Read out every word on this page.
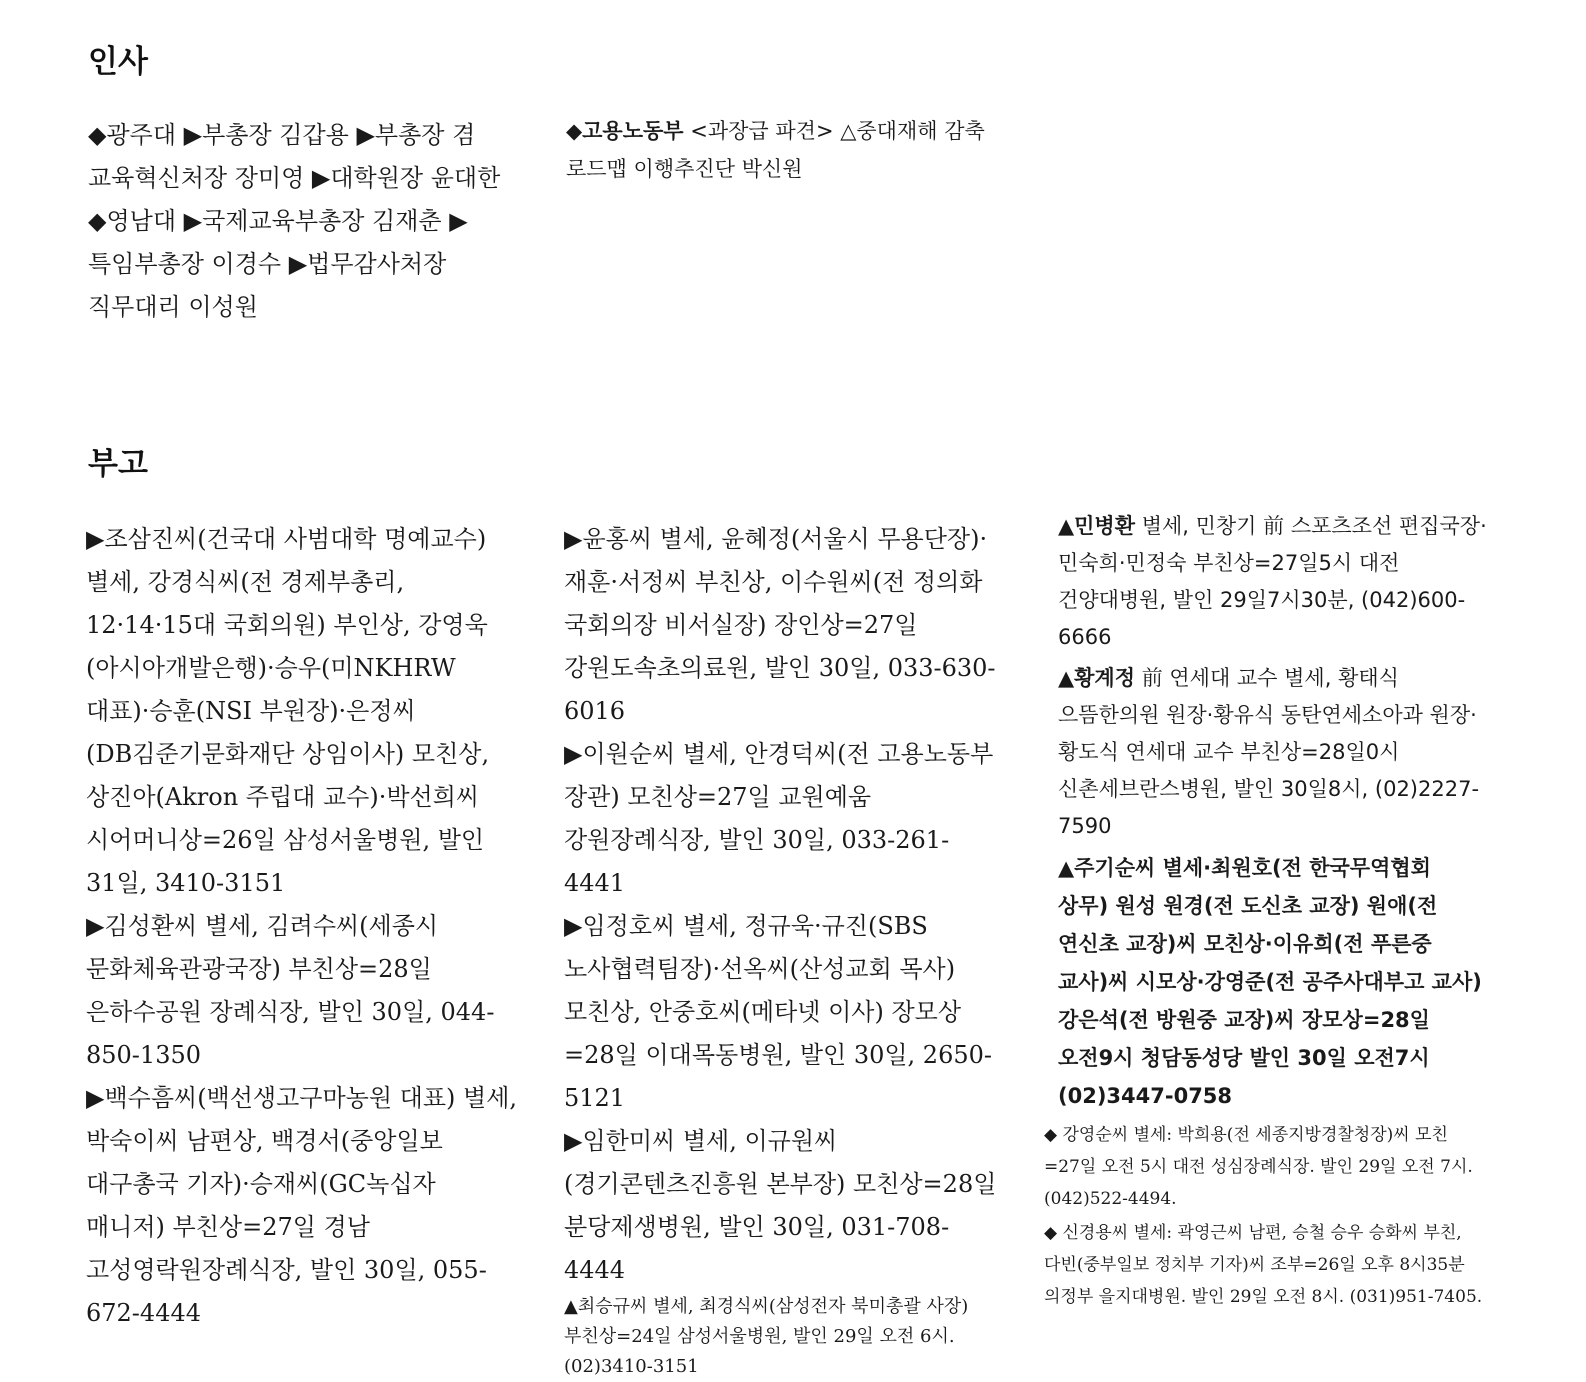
인사

◆광주대 ▶부총장 김갑용 ▶부총장 겸 교육혁신처장 장미영 ▶대학원장 윤대한

◆영남대 ▶국제교육부총장 김재춘 ▶특임부총장 이경수 ▶법무감사처장 직무대리 이성원

◆고용노동부 <과장급 파견> △중대재해 감축 로드맵 이행추진단 박신원

부고

▶조삼진씨(건국대 사범대학 명예교수) 별세, 강경식씨(전 경제부총리, 12·14·15대 국회의원) 부인상, 강영욱(아시아개발은행)·승우(미NKHRW 대표)·승훈(NSI 부원장)·은정씨(DB김준기문화재단 상임이사) 모친상, 상진아(Akron 주립대 교수)·박선희씨 시어머니상=26일 삼성서울병원, 발인 31일, 3410-3151

▶김성환씨 별세, 김려수씨(세종시 문화체육관광국장) 부친상=28일 은하수공원 장례식장, 발인 30일, 044-850-1350

▶백수흠씨(백선생고구마농원 대표) 별세, 박숙이씨 남편상, 백경서(중앙일보 대구총국 기자)·승재씨(GC녹십자 매니저) 부친상=27일 경남 고성영락원장례식장, 발인 30일, 055-672-4444

▶윤홍씨 별세, 윤혜정(서울시 무용단장)·재훈·서정씨 부친상, 이수원씨(전 정의화 국회의장 비서실장) 장인상=27일 강원도속초의료원, 발인 30일, 033-630-6016

▶이원순씨 별세, 안경덕씨(전 고용노동부 장관) 모친상=27일 교원예움 강원장례식장, 발인 30일, 033-261-4441

▶임정호씨 별세, 정규욱·규진(SBS 노사협력팀장)·선옥씨(산성교회 목사) 모친상, 안중호씨(메타넷 이사) 장모상=28일 이대목동병원, 발인 30일, 2650-5121

▶임한미씨 별세, 이규원씨(경기콘텐츠진흥원 본부장) 모친상=28일 분당제생병원, 발인 30일, 031-708-4444

▲최승규씨 별세, 최경식씨(삼성전자 북미총괄 사장) 부친상=24일 삼성서울병원, 발인 29일 오전 6시. (02)3410-3151

▲민병환 별세, 민창기 前 스포츠조선 편집국장·민숙희·민정숙 부친상=27일5시 대전 건양대병원, 발인 29일7시30분, (042)600-6666

▲황계정 前 연세대 교수 별세, 황태식 으뜸한의원 원장·황유식 동탄연세소아과 원장·황도식 연세대 교수 부친상=28일0시 신촌세브란스병원, 발인 30일8시, (02)2227-7590

▲주기순씨 별세·최원호(전 한국무역협회 상무) 원성 원경(전 도신초 교장) 원애(전 연신초 교장)씨 모친상·이유희(전 푸른중 교사)씨 시모상·강영준(전 공주사대부고 교사) 강은석(전 방원중 교장)씨 장모상=28일 오전9시 청담동성당 발인 30일 오전7시 (02)3447-0758

◆ 강영순씨 별세: 박희용(전 세종지방경찰청장)씨 모친=27일 오전 5시 대전 성심장례식장. 발인 29일 오전 7시. (042)522-4494.

◆ 신경용씨 별세: 곽영근씨 남편, 승철 승우 승화씨 부친, 다빈(중부일보 정치부 기자)씨 조부=26일 오후 8시35분 의정부 을지대병원. 발인 29일 오전 8시. (031)951-7405.
